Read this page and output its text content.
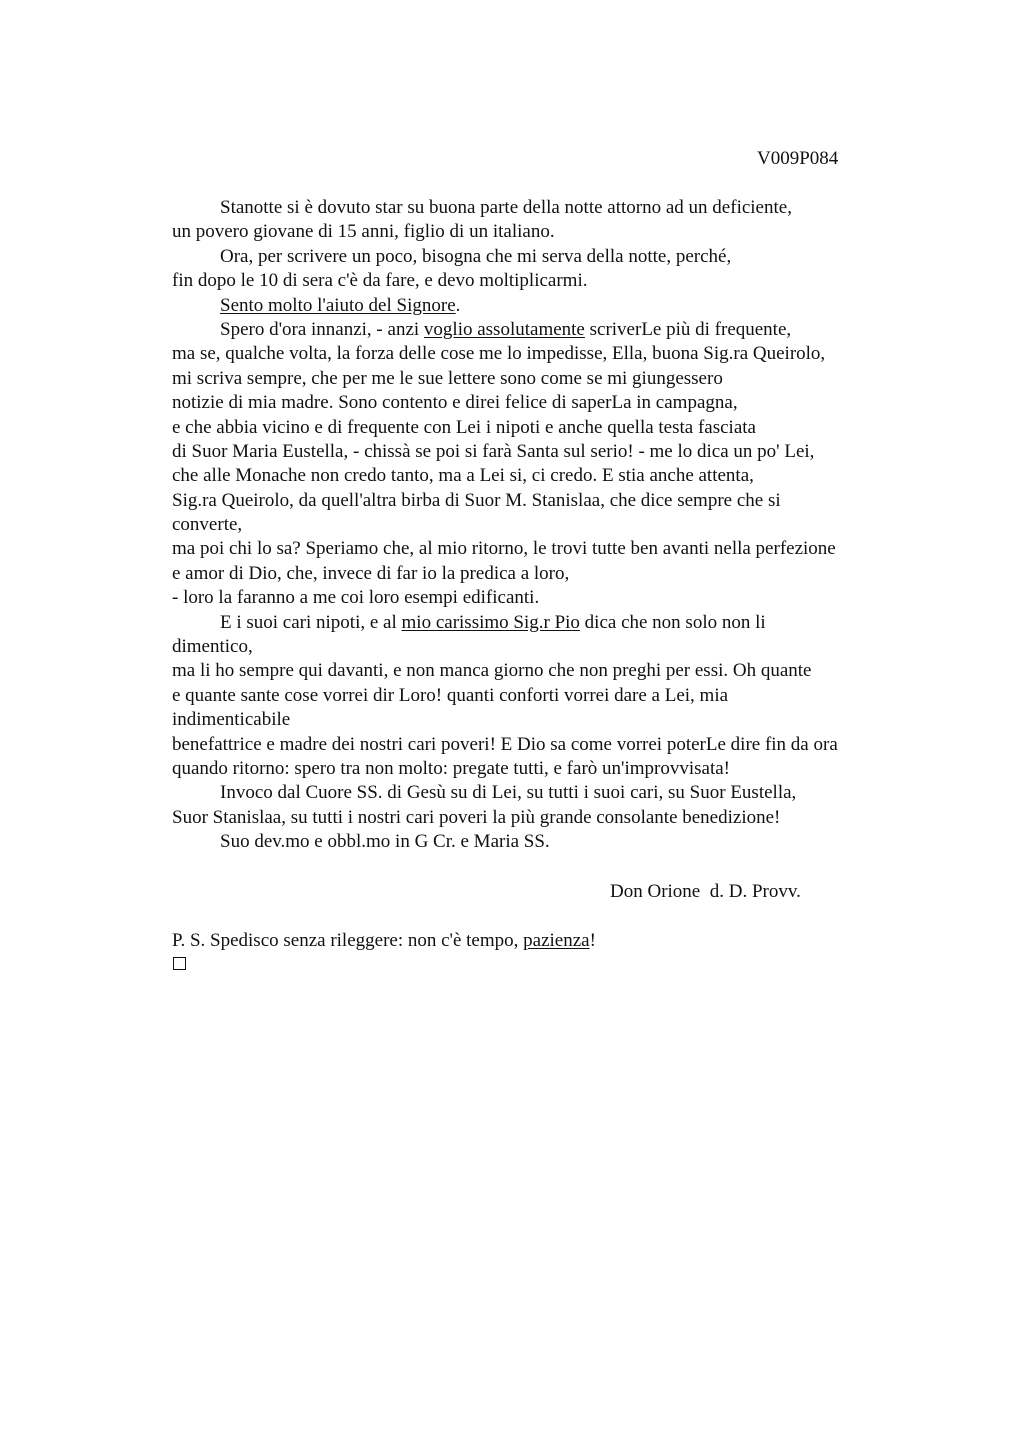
V009P084
Stanotte si è dovuto star su buona parte della notte attorno ad un deficiente,
un povero giovane di 15 anni, figlio di un italiano.
Ora, per scrivere un poco, bisogna che mi serva della notte, perché,
fin dopo le 10 di sera c'è da fare, e devo moltiplicarmi.
Sento molto l'aiuto del Signore.
Spero d'ora innanzi, - anzi voglio assolutamente scriverLe più di frequente,
ma se, qualche volta, la forza delle cose me lo impedisse, Ella, buona Sig.ra Queirolo,
mi scriva sempre, che per me le sue lettere sono come se mi giungessero
notizie di mia madre. Sono contento e direi felice di saperLa in campagna,
e che abbia vicino e di frequente con Lei i nipoti e anche quella testa fasciata
di Suor Maria Eustella, - chissà se poi si farà Santa sul serio! - me lo dica un po' Lei,
che alle Monache non credo tanto, ma a Lei si, ci credo. E stia anche attenta,
Sig.ra Queirolo, da quell'altra birba di Suor M. Stanislaa, che dice sempre che si
converte,
ma poi chi lo sa? Speriamo che, al mio ritorno, le trovi tutte ben avanti nella perfezione
e amor di Dio, che, invece di far io la predica a loro,
- loro la faranno a me coi loro esempi edificanti.
E i suoi cari nipoti, e al mio carissimo Sig.r Pio dica che non solo non li
dimentico,
ma li ho sempre qui davanti, e non manca giorno che non preghi per essi. Oh quante
e quante sante cose vorrei dir Loro! quanti conforti vorrei dare a Lei, mia
indimenticabile
benefattrice e madre dei nostri cari poveri! E Dio sa come vorrei poterLe dire fin da ora
quando ritorno: spero tra non molto: pregate tutti, e farò un'improvvisata!
Invoco dal Cuore SS. di Gesù su di Lei, su tutti i suoi cari, su Suor Eustella,
Suor Stanislaa, su tutti i nostri cari poveri la più grande consolante benedizione!
Suo dev.mo e obbl.mo in G Cr. e Maria SS.
Don Orione  d. D. Provv.
P. S. Spedisco senza rileggere: non c'è tempo, pazienza!
